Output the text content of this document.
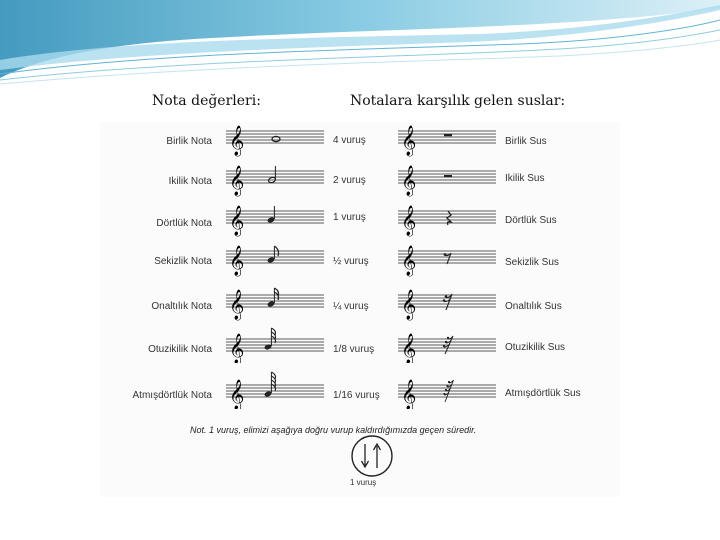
Nota değerleri:	Notalara karşılık gelen suslar:
Birlik Nota 𝄞	4 vuruş 𝄞	Birlik Sus
Ikilik Nota 𝄞	2 vuruş 𝄞	Ikilik Sus
Dörtlük Nota 𝄞	1 vuruş 𝄞	Dörtlük Sus
Sekizlik Nota 𝄞	½ vuruş 𝄞	Sekizlik Sus
Onaltılık Nota 𝄞	¼ vuruş 𝄞	Onaltılık Sus
Otuzikilik Nota 𝄞	1/8 vuruş 𝄞	Otuzikilik Sus
Atmışdörtlük Nota 𝄞	1/16 vuruş 𝄞	Atmışdörtlük Sus
Not. 1 vuruş, elimizi aşağıya doğru vurup kaldırdığımızda geçen süredir.
1 vuruş
